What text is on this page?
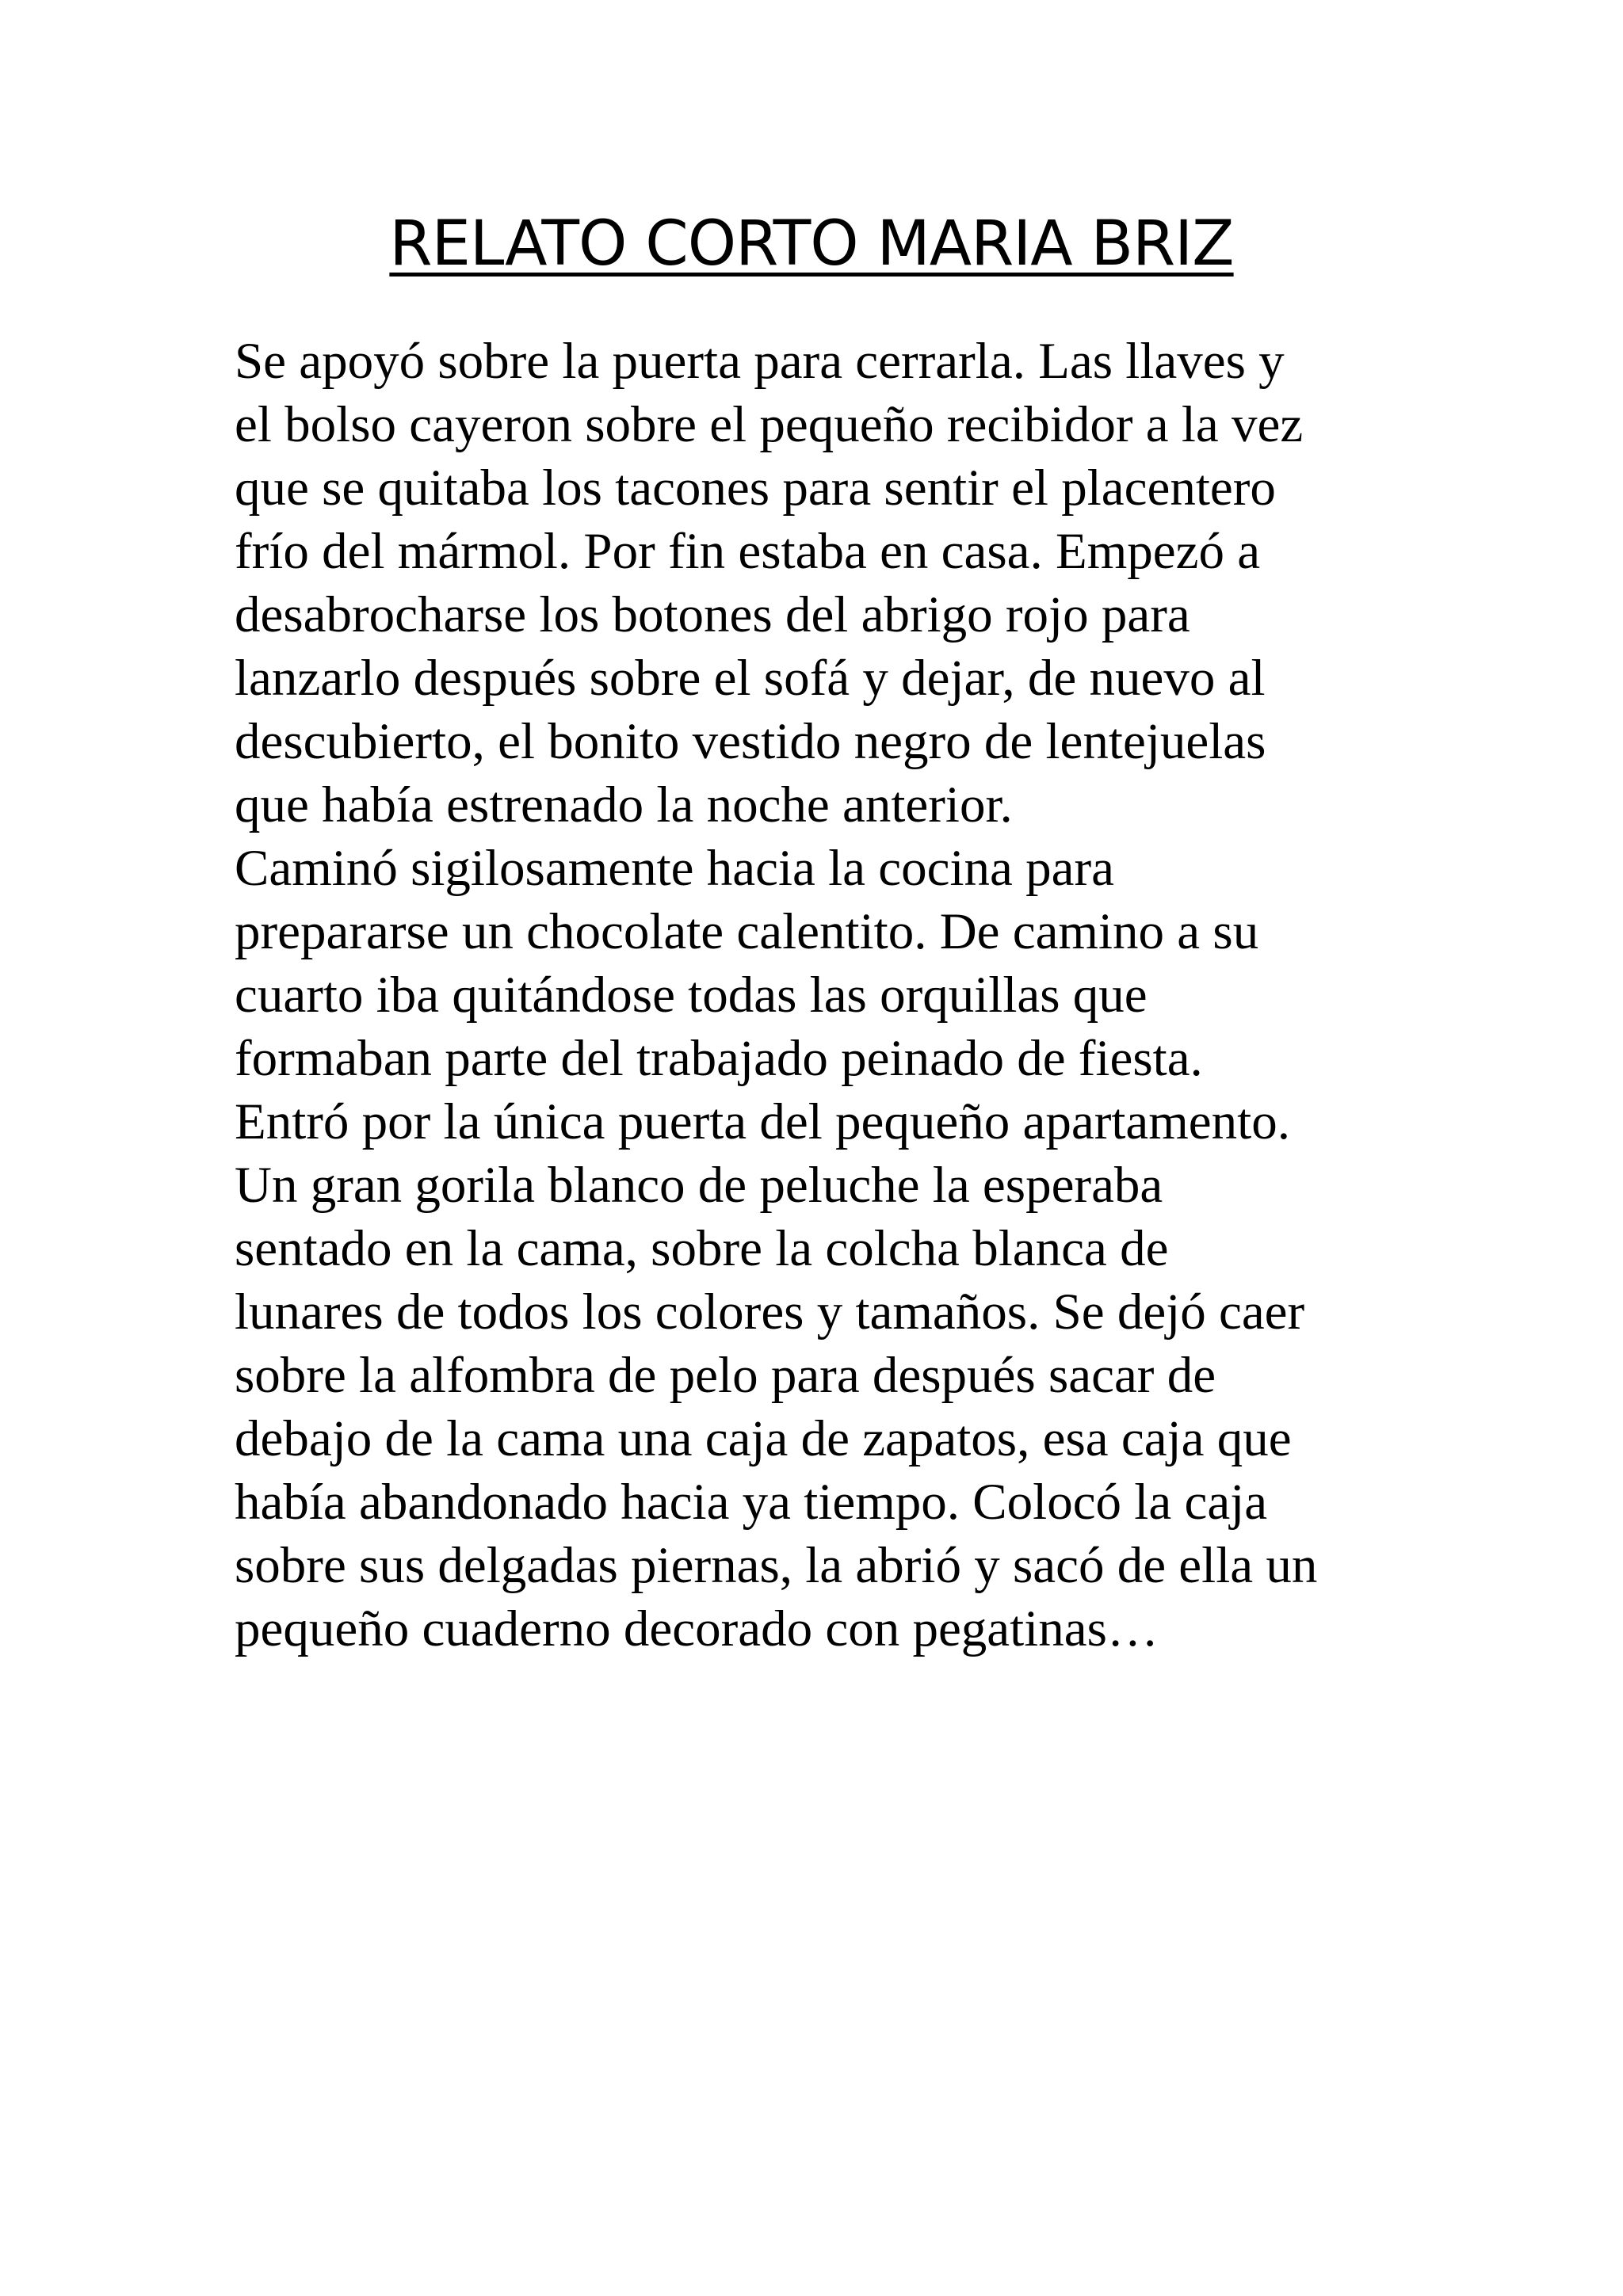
RELATO CORTO MARIA BRIZ
Se apoyó sobre la puerta para cerrarla. Las llaves y
el bolso cayeron sobre el pequeño recibidor a la vez
que se quitaba los tacones para sentir el placentero
frío del mármol. Por fin estaba en casa. Empezó a
desabrocharse los botones del abrigo rojo para
lanzarlo después sobre el sofá y dejar, de nuevo al
descubierto, el bonito vestido negro de lentejuelas
que había estrenado la noche anterior.
Caminó sigilosamente hacia la cocina para
prepararse un chocolate calentito. De camino a su
cuarto iba quitándose todas las orquillas que
formaban parte del trabajado peinado de fiesta.
Entró por la única puerta del pequeño apartamento.
Un gran gorila blanco de peluche la esperaba
sentado en la cama, sobre la colcha blanca de
lunares de todos los colores y tamaños. Se dejó caer
sobre la alfombra de pelo para después sacar de
debajo de la cama una caja de zapatos, esa caja que
había abandonado hacia ya tiempo. Colocó la caja
sobre sus delgadas piernas, la abrió y sacó de ella un
pequeño cuaderno decorado con pegatinas…
